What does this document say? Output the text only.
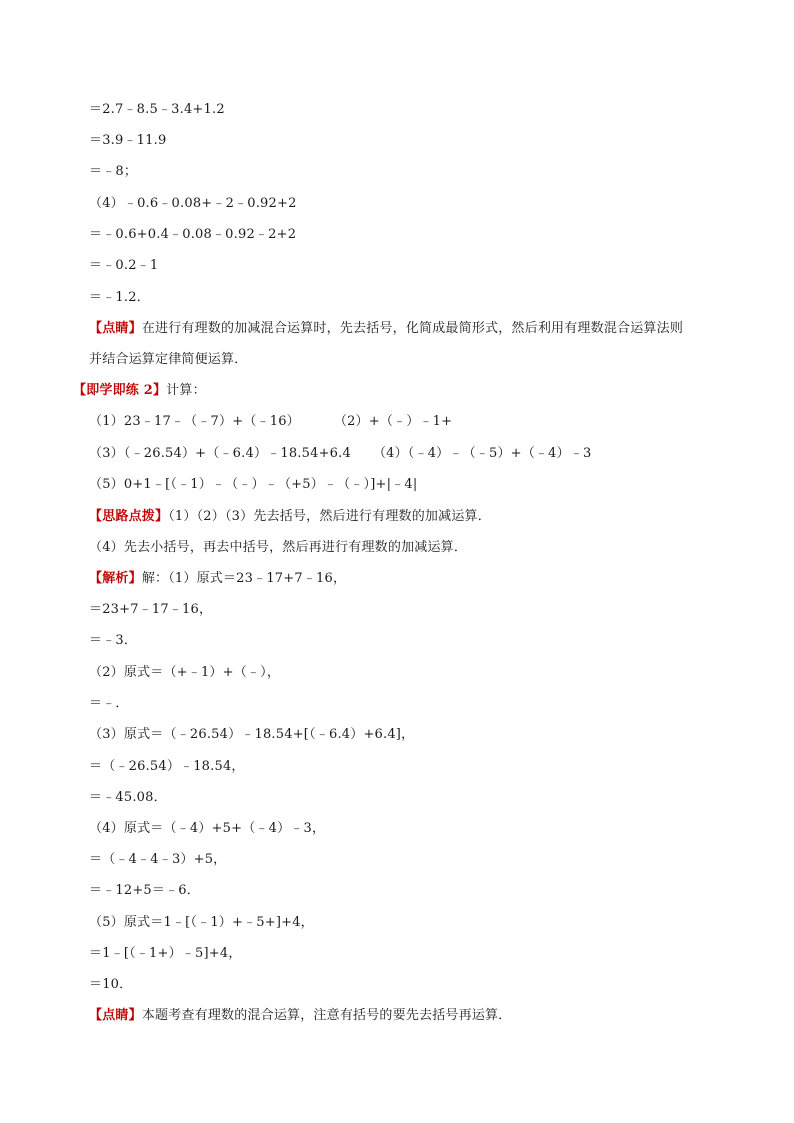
＝2.7﹣8.5﹣3.4+1.2
＝3.9﹣11.9
＝﹣8；
（4）﹣0.6﹣0.08+﹣2﹣0.92+2
＝﹣0.6+0.4﹣0.08﹣0.92﹣2+2
＝﹣0.2﹣1
＝﹣1.2．
【点睛】在进行有理数的加减混合运算时，先去括号，化简成最简形式，然后利用有理数混合运算法则
并结合运算定律简便运算．
【即学即练 2】计算：
（1）23﹣17﹣（﹣7）+（﹣16）	（2）+（﹣）﹣1+
（3）（﹣26.54）+（﹣6.4）﹣18.54+6.4 （4）（﹣4）﹣（﹣5）+（﹣4）﹣3
（5）0+1﹣[（﹣1）﹣（﹣）﹣（+5）﹣（﹣）]+|﹣4|
【思路点拨】（1）（2）（3）先去括号，然后进行有理数的加减运算．
（4）先去小括号，再去中括号，然后再进行有理数的加减运算．
【解析】解：（1）原式＝23﹣17+7﹣16，
＝23+7﹣17﹣16，
＝﹣3．
（2）原式＝（+﹣1）+（﹣），
＝﹣．
（3）原式＝（﹣26.54）﹣18.54+[（﹣6.4）+6.4]，
＝（﹣26.54）﹣18.54，
＝﹣45.08．
（4）原式＝（﹣4）+5+（﹣4）﹣3，
＝（﹣4﹣4﹣3）+5，
＝﹣12+5＝﹣6．
（5）原式＝1﹣[（﹣1）+﹣5+]+4，
＝1﹣[（﹣1+）﹣5]+4，
＝10．
【点睛】本题考查有理数的混合运算，注意有括号的要先去括号再运算．
